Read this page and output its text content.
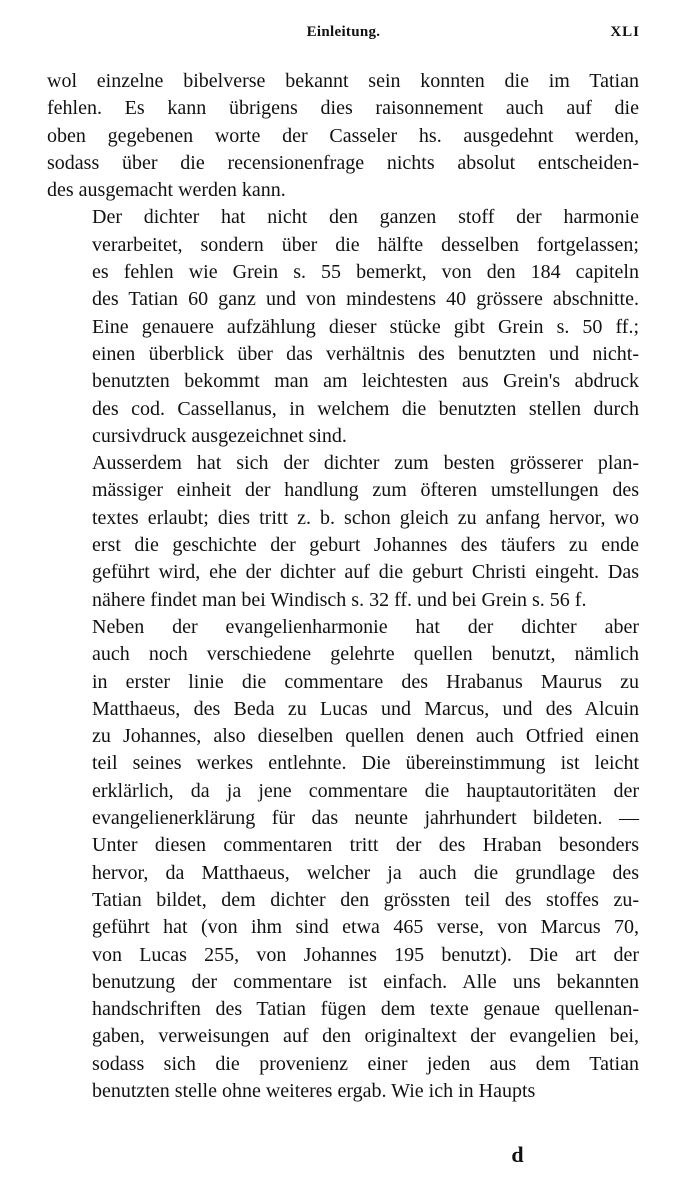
Einleitung.	XLI

wol einzelne bibelverse bekannt sein konnten die im Tatian
fehlen. Es kann übrigens dies raisonnement auch auf die
oben gegebenen worte der Casseler hs. ausgedehnt werden,
sodass über die recensionenfrage nichts absolut entscheiden-
des ausgemacht werden kann.

Der dichter hat nicht den ganzen stoff der harmonie
verarbeitet, sondern über die hälfte desselben fortgelassen;
es fehlen wie Grein s. 55 bemerkt, von den 184 capiteln
des Tatian 60 ganz und von mindestens 40 grössere abschnitte.
Eine genauere aufzählung dieser stücke gibt Grein s. 50 ff.;
einen überblick über das verhältnis des benutzten und nicht-
benutzten bekommt man am leichtesten aus Grein's abdruck
des cod. Cassellanus, in welchem die benutzten stellen durch
cursivdruck ausgezeichnet sind.

Ausserdem hat sich der dichter zum besten grösserer plan-
mässiger einheit der handlung zum öfteren umstellungen des
textes erlaubt; dies tritt z. b. schon gleich zu anfang hervor, wo
erst die geschichte der geburt Johannes des täufers zu ende
geführt wird, ehe der dichter auf die geburt Christi eingeht. Das
nähere findet man bei Windisch s. 32 ff. und bei Grein s. 56 f.

Neben der evangelienharmonie hat der dichter aber
auch noch verschiedene gelehrte quellen benutzt, nämlich
in erster linie die commentare des Hrabanus Maurus zu
Matthaeus, des Beda zu Lucas und Marcus, und des Alcuin
zu Johannes, also dieselben quellen denen auch Otfried einen
teil seines werkes entlehnte. Die übereinstimmung ist leicht
erklärlich, da ja jene commentare die hauptautoritäten der
evangelienerklärung für das neunte jahrhundert bildeten. —
Unter diesen commentaren tritt der des Hraban besonders
hervor, da Matthaeus, welcher ja auch die grundlage des
Tatian bildet, dem dichter den grössten teil des stoffes zu-
geführt hat (von ihm sind etwa 465 verse, von Marcus 70,
von Lucas 255, von Johannes 195 benutzt). Die art der
benutzung der commentare ist einfach. Alle uns bekannten
handschriften des Tatian fügen dem texte genaue quellenan-
gaben, verweisungen auf den originaltext der evangelien bei,
sodass sich die provenienz einer jeden aus dem Tatian
benutzten stelle ohne weiteres ergab. Wie ich in Haupts

d
